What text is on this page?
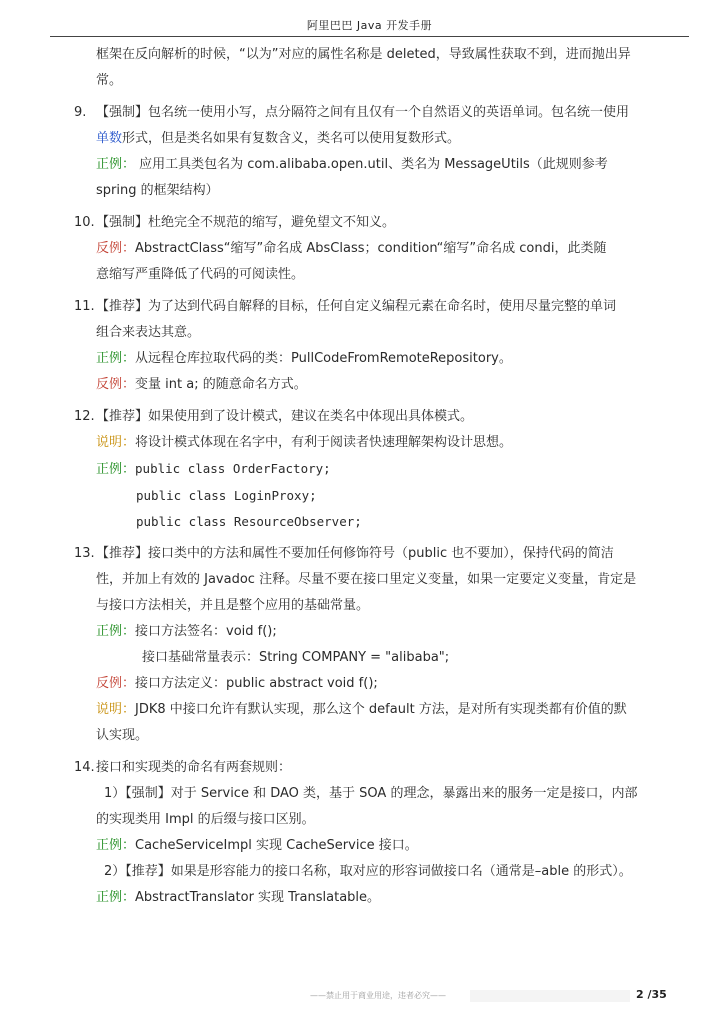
阿里巴巴 Java 开发手册
框架在反向解析的时候，“以为”对应的属性名称是 deleted，导致属性获取不到，进而抛出异
常。
9. 【强制】包名统一使用小写，点分隔符之间有且仅有一个自然语义的英语单词。包名统一使用
单数形式，但是类名如果有复数含义，类名可以使用复数形式。
正例： 应用工具类包名为 com.alibaba.open.util、类名为 MessageUtils（此规则参考
spring 的框架结构）
10.【强制】杜绝完全不规范的缩写，避免望文不知义。
反例：AbstractClass“缩写”命名成 AbsClass；condition“缩写”命名成 condi，此类随
意缩写严重降低了代码的可阅读性。
11.【推荐】为了达到代码自解释的目标，任何自定义编程元素在命名时，使用尽量完整的单词
组合来表达其意。
正例：从远程仓库拉取代码的类：PullCodeFromRemoteRepository。
反例：变量 int a; 的随意命名方式。
12.【推荐】如果使用到了设计模式，建议在类名中体现出具体模式。
说明：将设计模式体现在名字中，有利于阅读者快速理解架构设计思想。
正例：public class OrderFactory;
public class LoginProxy;
public class ResourceObserver;
13.【推荐】接口类中的方法和属性不要加任何修饰符号（public 也不要加），保持代码的简洁
性，并加上有效的 Javadoc 注释。尽量不要在接口里定义变量，如果一定要定义变量，肯定是
与接口方法相关，并且是整个应用的基础常量。
正例：接口方法签名：void f();
接口基础常量表示：String COMPANY = "alibaba";
反例：接口方法定义：public abstract void f();
说明：JDK8 中接口允许有默认实现，那么这个 default 方法，是对所有实现类都有价值的默
认实现。
14.接口和实现类的命名有两套规则：
1）【强制】对于 Service 和 DAO 类，基于 SOA 的理念，暴露出来的服务一定是接口，内部
的实现类用 Impl 的后缀与接口区别。
正例：CacheServiceImpl 实现 CacheService 接口。
2）【推荐】如果是形容能力的接口名称，取对应的形容词做接口名（通常是–able 的形式）。
正例：AbstractTranslator 实现 Translatable。
——禁止用于商业用途，违者必究——	2 /35
